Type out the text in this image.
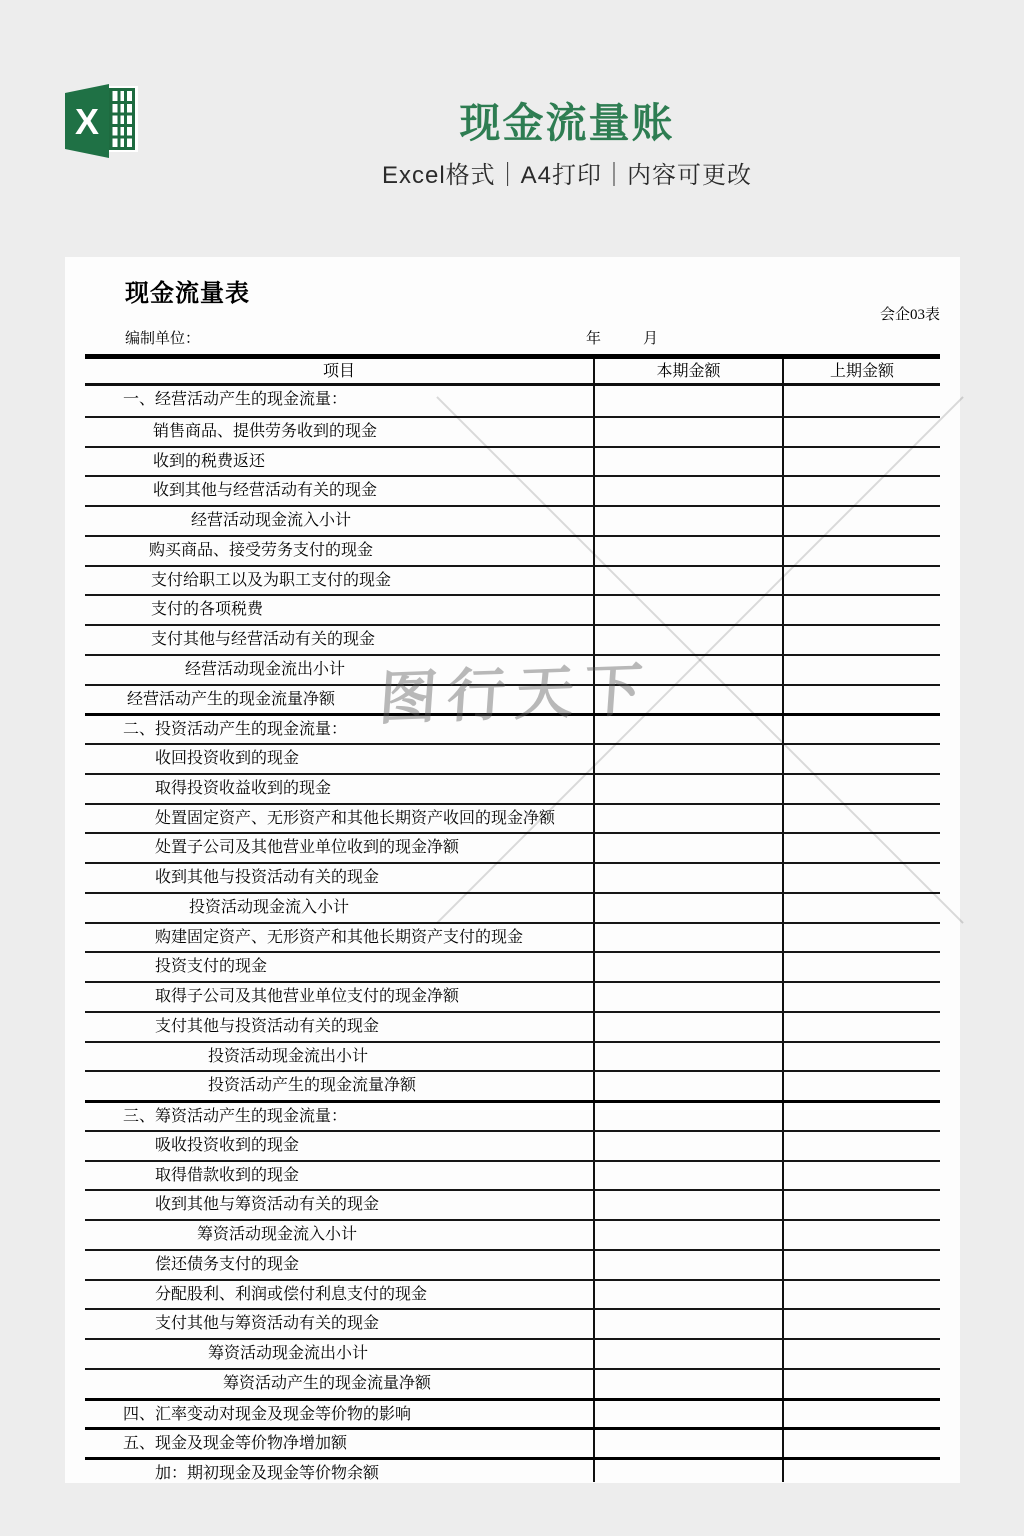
X	现金流量账
Excel格式｜A4打印｜内容可更改
现金流量表
会企03表
编制单位：	年	月
项目	本期金额	上期金额
一、经营活动产生的现金流量：
销售商品、提供劳务收到的现金
收到的税费返还
收到其他与经营活动有关的现金
经营活动现金流入小计
购买商品、接受劳务支付的现金
支付给职工以及为职工支付的现金
支付的各项税费
支付其他与经营活动有关的现金
经营活动现金流出小计
经营活动产生的现金流量净额
二、投资活动产生的现金流量：
收回投资收到的现金
取得投资收益收到的现金
处置固定资产、无形资产和其他长期资产收回的现金净额
处置子公司及其他营业单位收到的现金净额
收到其他与投资活动有关的现金
投资活动现金流入小计
购建固定资产、无形资产和其他长期资产支付的现金
投资支付的现金
取得子公司及其他营业单位支付的现金净额
支付其他与投资活动有关的现金
投资活动现金流出小计
投资活动产生的现金流量净额
三、筹资活动产生的现金流量：
吸收投资收到的现金
取得借款收到的现金
收到其他与筹资活动有关的现金
筹资活动现金流入小计
偿还债务支付的现金
分配股利、利润或偿付利息支付的现金
支付其他与筹资活动有关的现金
筹资活动现金流出小计
筹资活动产生的现金流量净额
四、汇率变动对现金及现金等价物的影响
五、现金及现金等价物净增加额
加：期初现金及现金等价物余额
图行天下
